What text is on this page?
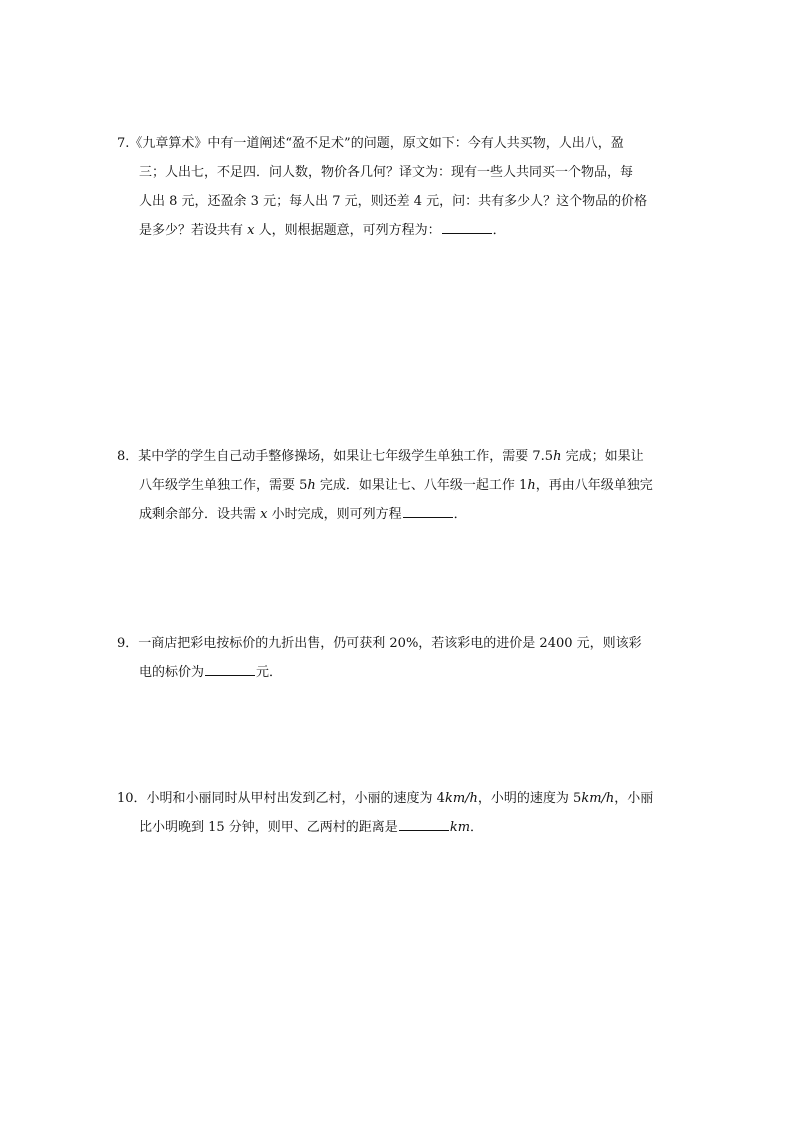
7.《九章算术》中有一道阐述“盈不足术”的问题，原文如下：今有人共买物，人出八，盈
三；人出七，不足四．问人数，物价各几何？译文为：现有一些人共同买一个物品，每
人出 8 元，还盈余 3 元；每人出 7 元，则还差 4 元，问：共有多少人？这个物品的价格
是多少？若设共有 x 人，则根据题意，可列方程为：	．
8．某中学的学生自己动手整修操场，如果让七年级学生单独工作，需要 7.5h 完成；如果让
八年级学生单独工作，需要 5h 完成．如果让七、八年级一起工作 1h，再由八年级单独完
成剩余部分．设共需 x 小时完成，则可列方程	．
9．一商店把彩电按标价的九折出售，仍可获利 20%，若该彩电的进价是 2400 元，则该彩
电的标价为	元．
10．小明和小丽同时从甲村出发到乙村，小丽的速度为 4km/h，小明的速度为 5km/h，小丽
比小明晚到 15 分钟，则甲、乙两村的距离是	km．
